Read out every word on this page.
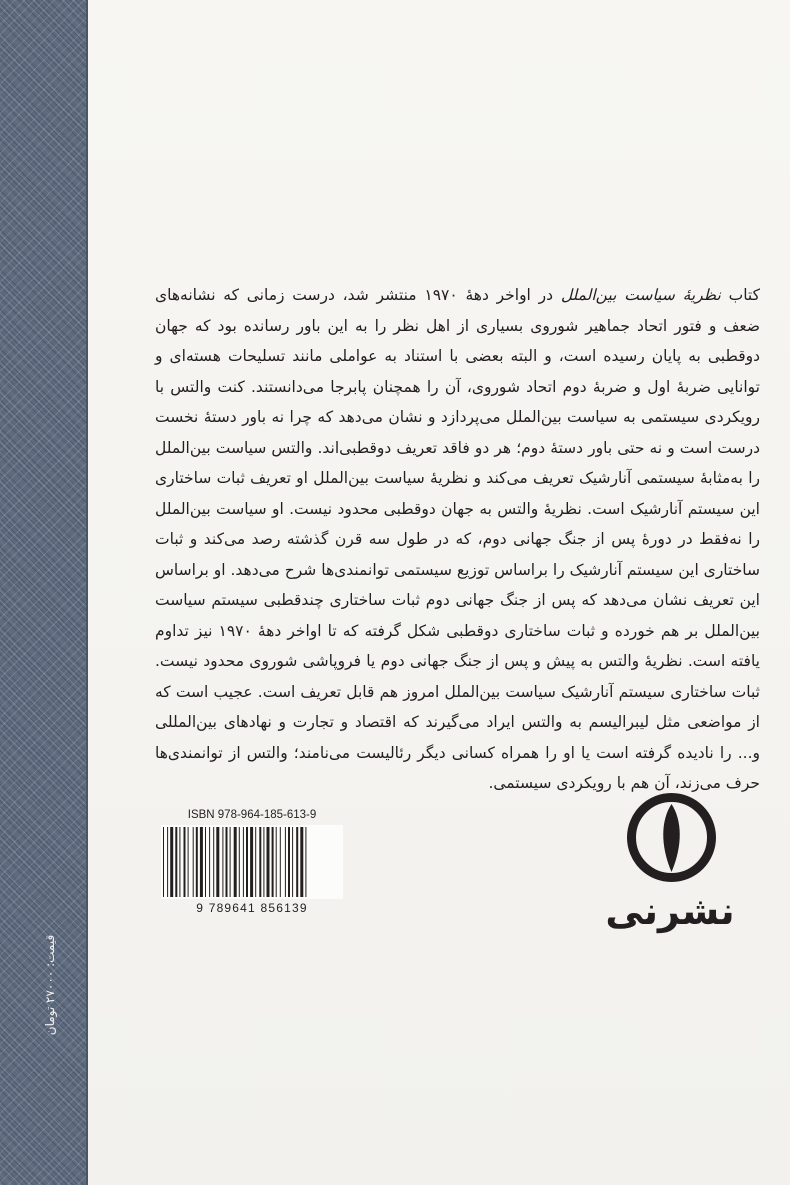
قیمت: ۲۷۰۰۰ تومان

کتاب نظریهٔ سیاست بین‌الملل در اواخر دههٔ ۱۹۷۰ منتشر شد، درست زمانی که نشانه‌های ضعف و فتور اتحاد جماهیر شوروی بسیاری از اهل نظر را به این باور رسانده بود که جهان دوقطبی به پایان رسیده است، و البته بعضی با استناد به عواملی مانند تسلیحات هسته‌ای و توانایی ضربهٔ اول و ضربهٔ دوم اتحاد شوروی، آن را همچنان پابرجا می‌دانستند. کنت والتس با رویکردی سیستمی به سیاست بین‌الملل می‌پردازد و نشان می‌دهد که چرا نه باور دستهٔ نخست درست است و نه حتی باور دستهٔ دوم؛ هر دو فاقد تعریف دوقطبی‌اند. والتس سیاست بین‌الملل را به‌مثابهٔ سیستمی آنارشیک تعریف می‌کند و نظریهٔ سیاست بین‌الملل او تعریف ثبات ساختاری این سیستم آنارشیک است. نظریهٔ والتس به جهان دوقطبی محدود نیست. او سیاست بین‌الملل را نه‌فقط در دورهٔ پس از جنگ جهانی دوم، که در طول سه قرن گذشته رصد می‌کند و ثبات ساختاری این سیستم آنارشیک را براساس توزیع سیستمی توانمندی‌ها شرح می‌دهد. او براساس این تعریف نشان می‌دهد که پس از جنگ جهانی دوم ثبات ساختاری چندقطبی سیستم سیاست بین‌الملل بر هم خورده و ثبات ساختاری دوقطبی شکل گرفته که تا اواخر دههٔ ۱۹۷۰ نیز تداوم یافته است. نظریهٔ والتس به پیش و پس از جنگ جهانی دوم یا فروپاشی شوروی محدود نیست. ثبات ساختاری سیستم آنارشیک سیاست بین‌الملل امروز هم قابل تعریف است. عجیب است که از مواضعی مثل لیبرالیسم به والتس ایراد می‌گیرند که اقتصاد و تجارت و نهادهای بین‌المللی و... را نادیده گرفته است یا او را همراه کسانی دیگر رئالیست می‌نامند؛ والتس از توانمندی‌ها حرف می‌زند، آن هم با رویکردی سیستمی.

ISBN 978-964-185-613-9
9 789641 856139	نشرنی
